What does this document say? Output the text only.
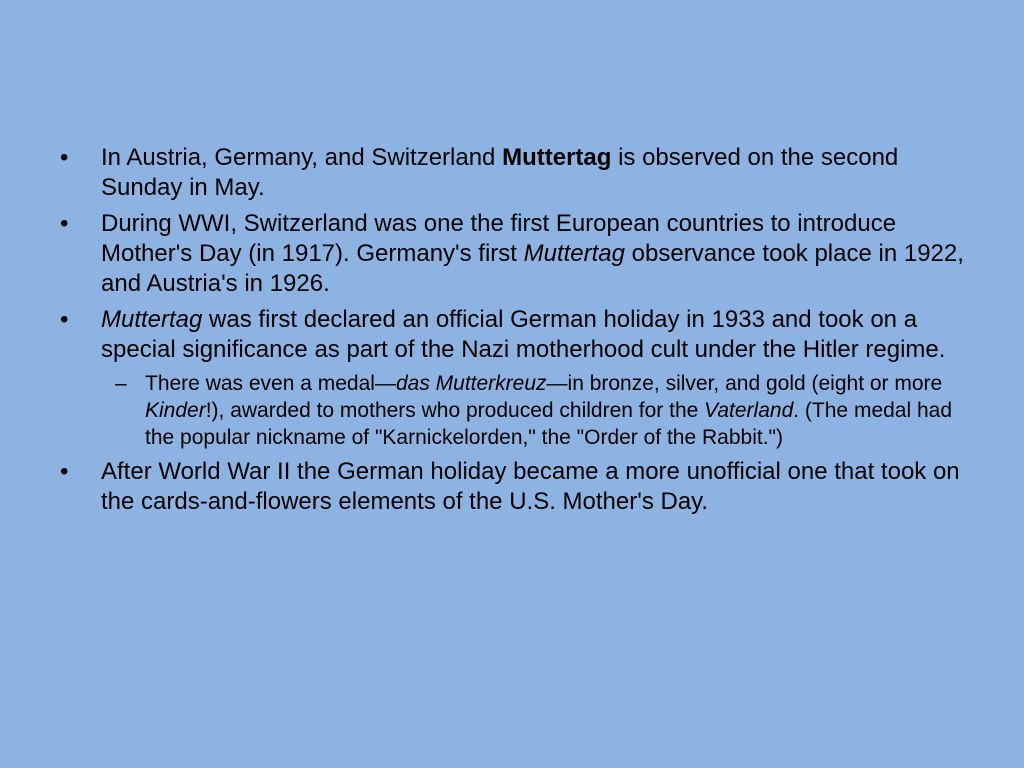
•	In Austria, Germany, and Switzerland Muttertag is observed on the second Sunday in May.
•	During WWI, Switzerland was one the first European countries to introduce Mother's Day (in 1917). Germany's first Muttertag observance took place in 1922, and Austria's in 1926.
•	Muttertag was first declared an official German holiday in 1933 and took on a special significance as part of the Nazi motherhood cult under the Hitler regime.
– There was even a medal—das Mutterkreuz—in bronze, silver, and gold (eight or more Kinder!), awarded to mothers who produced children for the Vaterland. (The medal had the popular nickname of "Karnickelorden," the "Order of the Rabbit.")
•	After World War II the German holiday became a more unofficial one that took on the cards-and-flowers elements of the U.S. Mother's Day.
